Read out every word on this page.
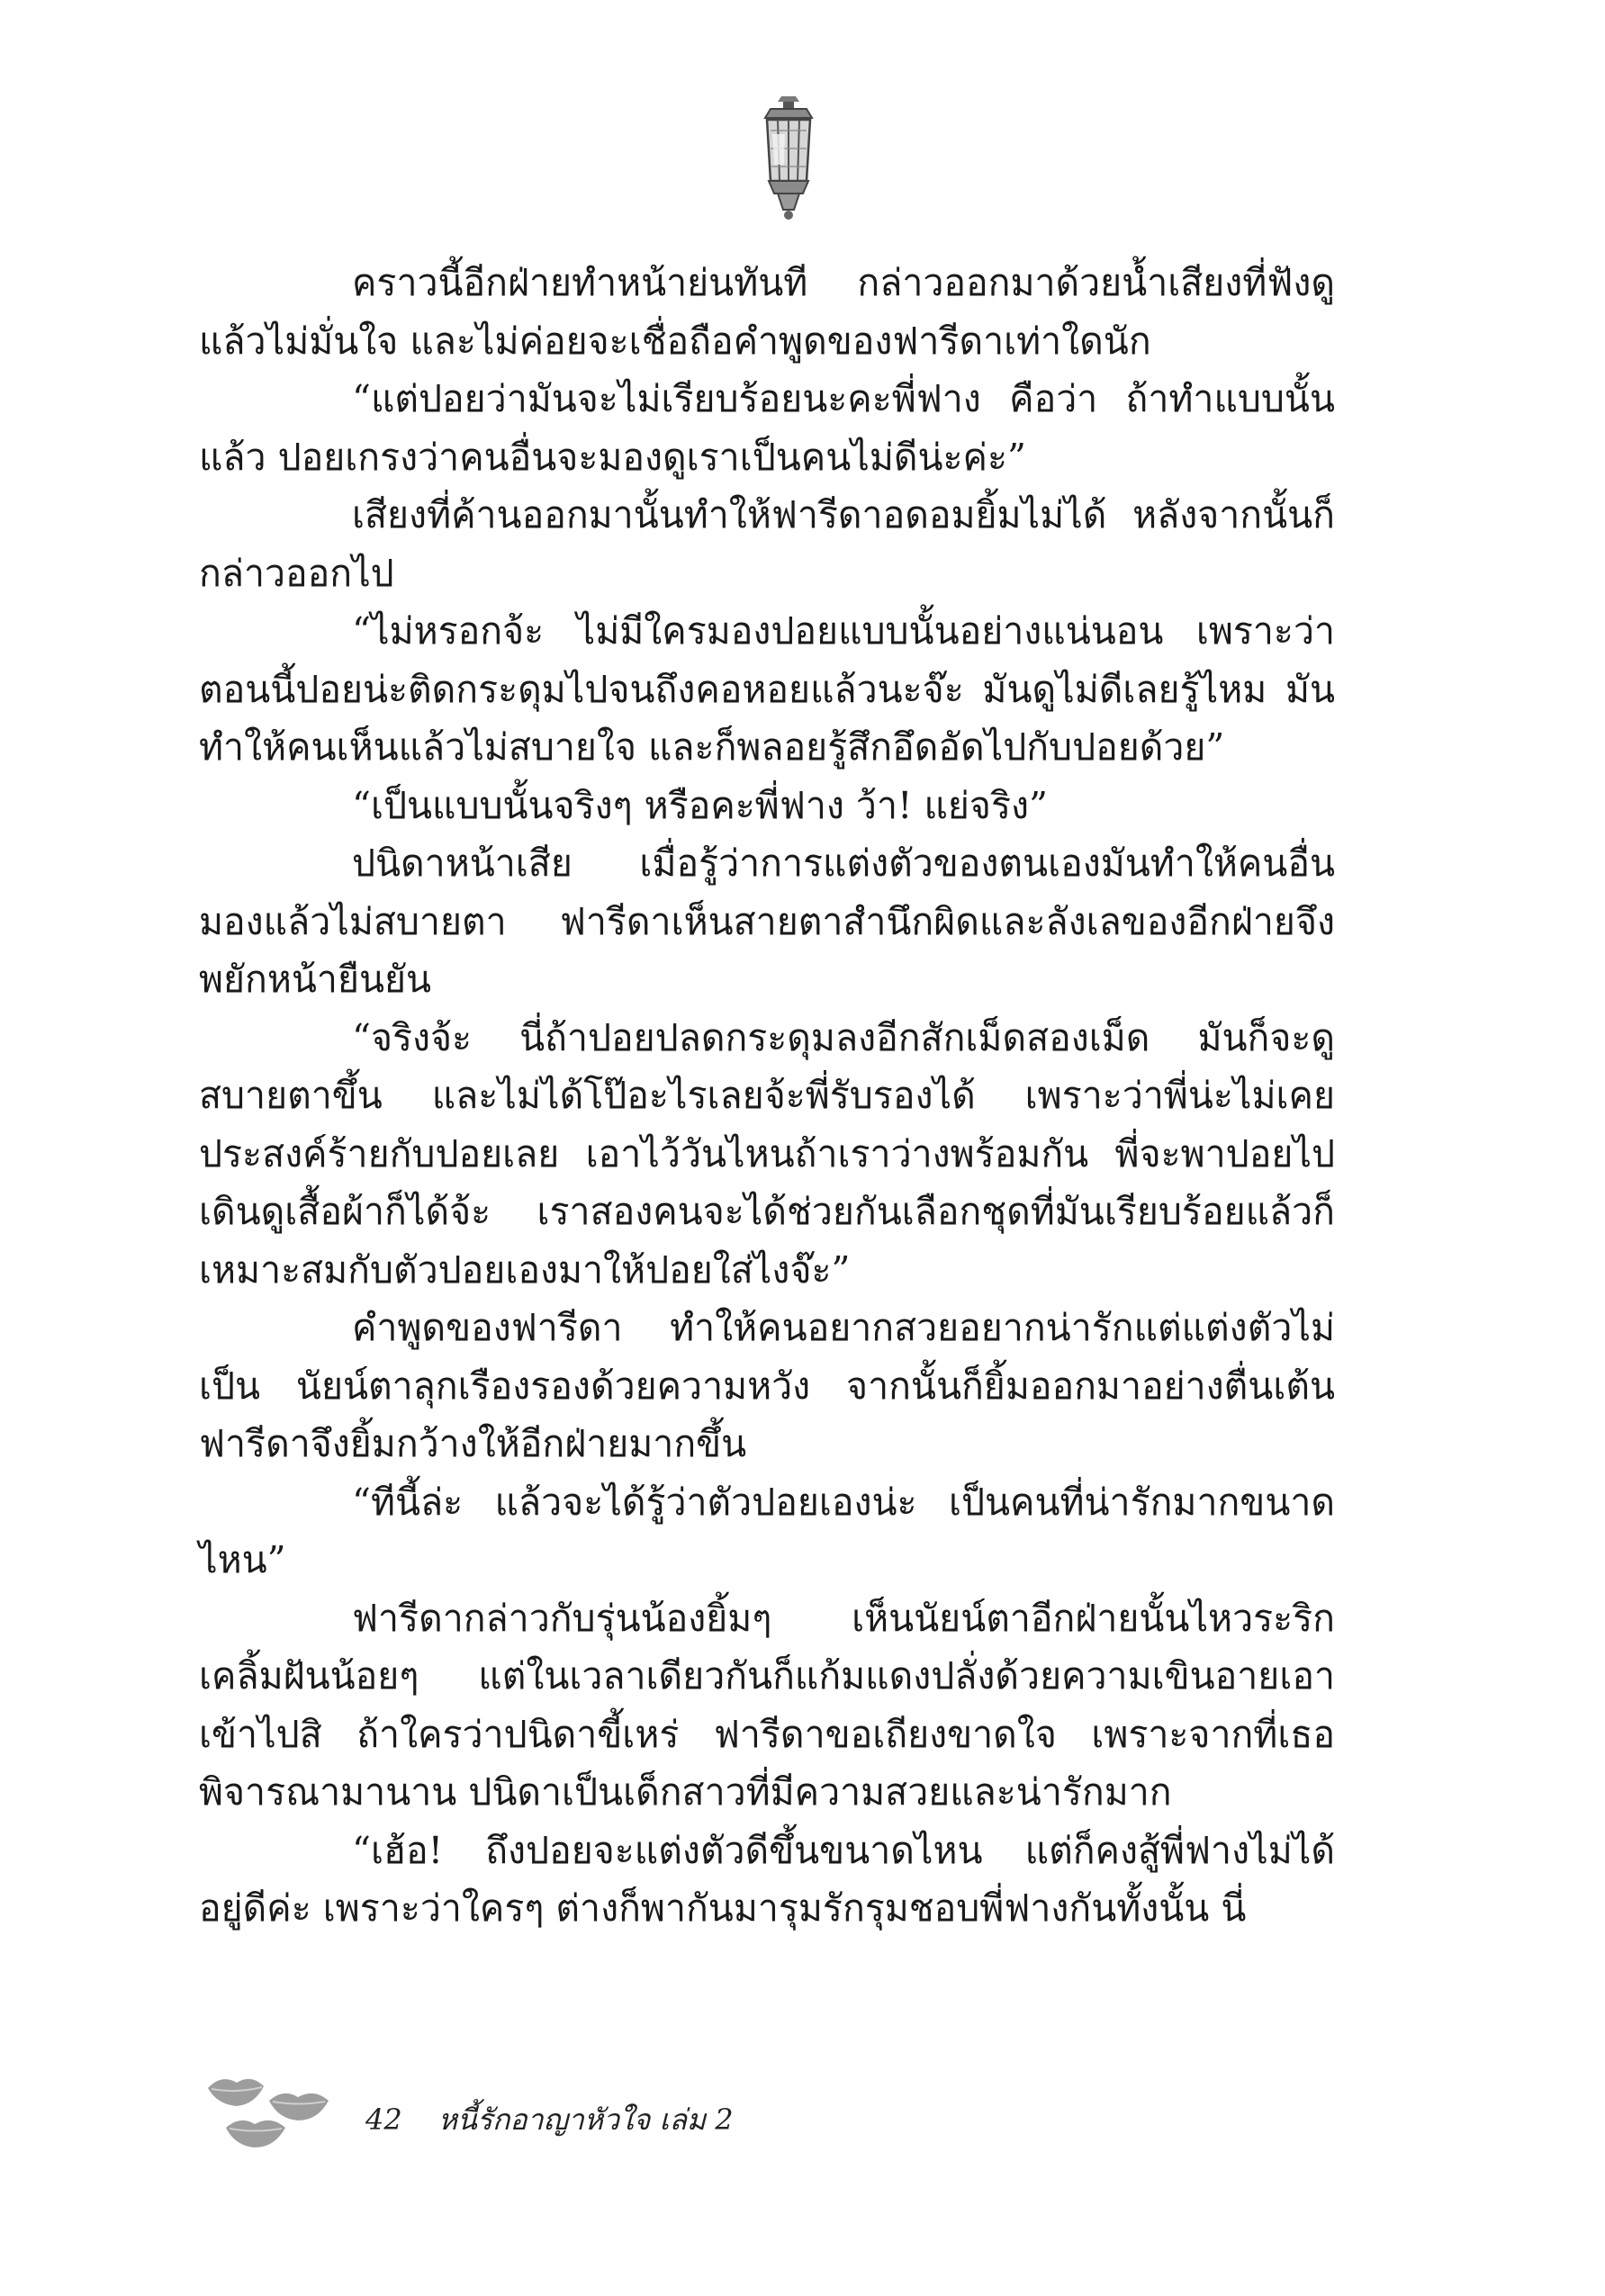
คราวนี้อีกฝ่ายทำหน้าย่นทันที กล่าวออกมาด้วยน้ำเสียงที่ฟังดูแล้วไม่มั่นใจ และไม่ค่อยจะเชื่อถือคำพูดของฟารีดาเท่าใดนัก

“แต่ปอยว่ามันจะไม่เรียบร้อยนะคะพี่ฟาง คือว่า ถ้าทำแบบนั้นแล้ว ปอยเกรงว่าคนอื่นจะมองดูเราเป็นคนไม่ดีน่ะค่ะ”

เสียงที่ค้านออกมานั้นทำให้ฟารีดาอดอมยิ้มไม่ได้ หลังจากนั้นก็กล่าวออกไป

“ไม่หรอกจ้ะ ไม่มีใครมองปอยแบบนั้นอย่างแน่นอน เพราะว่าตอนนี้ปอยน่ะติดกระดุมไปจนถึงคอหอยแล้วนะจ๊ะ มันดูไม่ดีเลยรู้ไหม มันทำให้คนเห็นแล้วไม่สบายใจ และก็พลอยรู้สึกอึดอัดไปกับปอยด้วย”

“เป็นแบบนั้นจริงๆ หรือคะพี่ฟาง ว้า! แย่จริง”

ปนิดาหน้าเสีย เมื่อรู้ว่าการแต่งตัวของตนเองมันทำให้คนอื่นมองแล้วไม่สบายตา ฟารีดาเห็นสายตาสำนึกผิดและลังเลของอีกฝ่ายจึงพยักหน้ายืนยัน

“จริงจ้ะ นี่ถ้าปอยปลดกระดุมลงอีกสักเม็ดสองเม็ด มันก็จะดูสบายตาขึ้น และไม่ได้โป๊อะไรเลยจ้ะพี่รับรองได้ เพราะว่าพี่น่ะไม่เคยประสงค์ร้ายกับปอยเลย เอาไว้วันไหนถ้าเราว่างพร้อมกัน พี่จะพาปอยไปเดินดูเสื้อผ้าก็ได้จ้ะ เราสองคนจะได้ช่วยกันเลือกชุดที่มันเรียบร้อยแล้วก็เหมาะสมกับตัวปอยเองมาให้ปอยใส่ไงจ๊ะ”

คำพูดของฟารีดา ทำให้คนอยากสวยอยากน่ารักแต่แต่งตัวไม่เป็น นัยน์ตาลุกเรืองรองด้วยความหวัง จากนั้นก็ยิ้มออกมาอย่างตื่นเต้น ฟารีดาจึงยิ้มกว้างให้อีกฝ่ายมากขึ้น

“ทีนี้ล่ะ แล้วจะได้รู้ว่าตัวปอยเองน่ะ เป็นคนที่น่ารักมากขนาดไหน”

ฟารีดากล่าวกับรุ่นน้องยิ้มๆ เห็นนัยน์ตาอีกฝ่ายนั้นไหวระริกเคลิ้มฝันน้อยๆ แต่ในเวลาเดียวกันก็แก้มแดงปลั่งด้วยความเขินอายเอาเข้าไปสิ ถ้าใครว่าปนิดาขี้เหร่ ฟารีดาขอเถียงขาดใจ เพราะจากที่เธอพิจารณามานาน ปนิดาเป็นเด็กสาวที่มีความสวยและน่ารักมาก

“เฮ้อ! ถึงปอยจะแต่งตัวดีขึ้นขนาดไหน แต่ก็คงสู้พี่ฟางไม่ได้อยู่ดีค่ะ เพราะว่าใครๆ ต่างก็พากันมารุมรักรุมชอบพี่ฟางกันทั้งนั้น นี่

42 หนี้รักอาญาหัวใจ เล่ม 2
